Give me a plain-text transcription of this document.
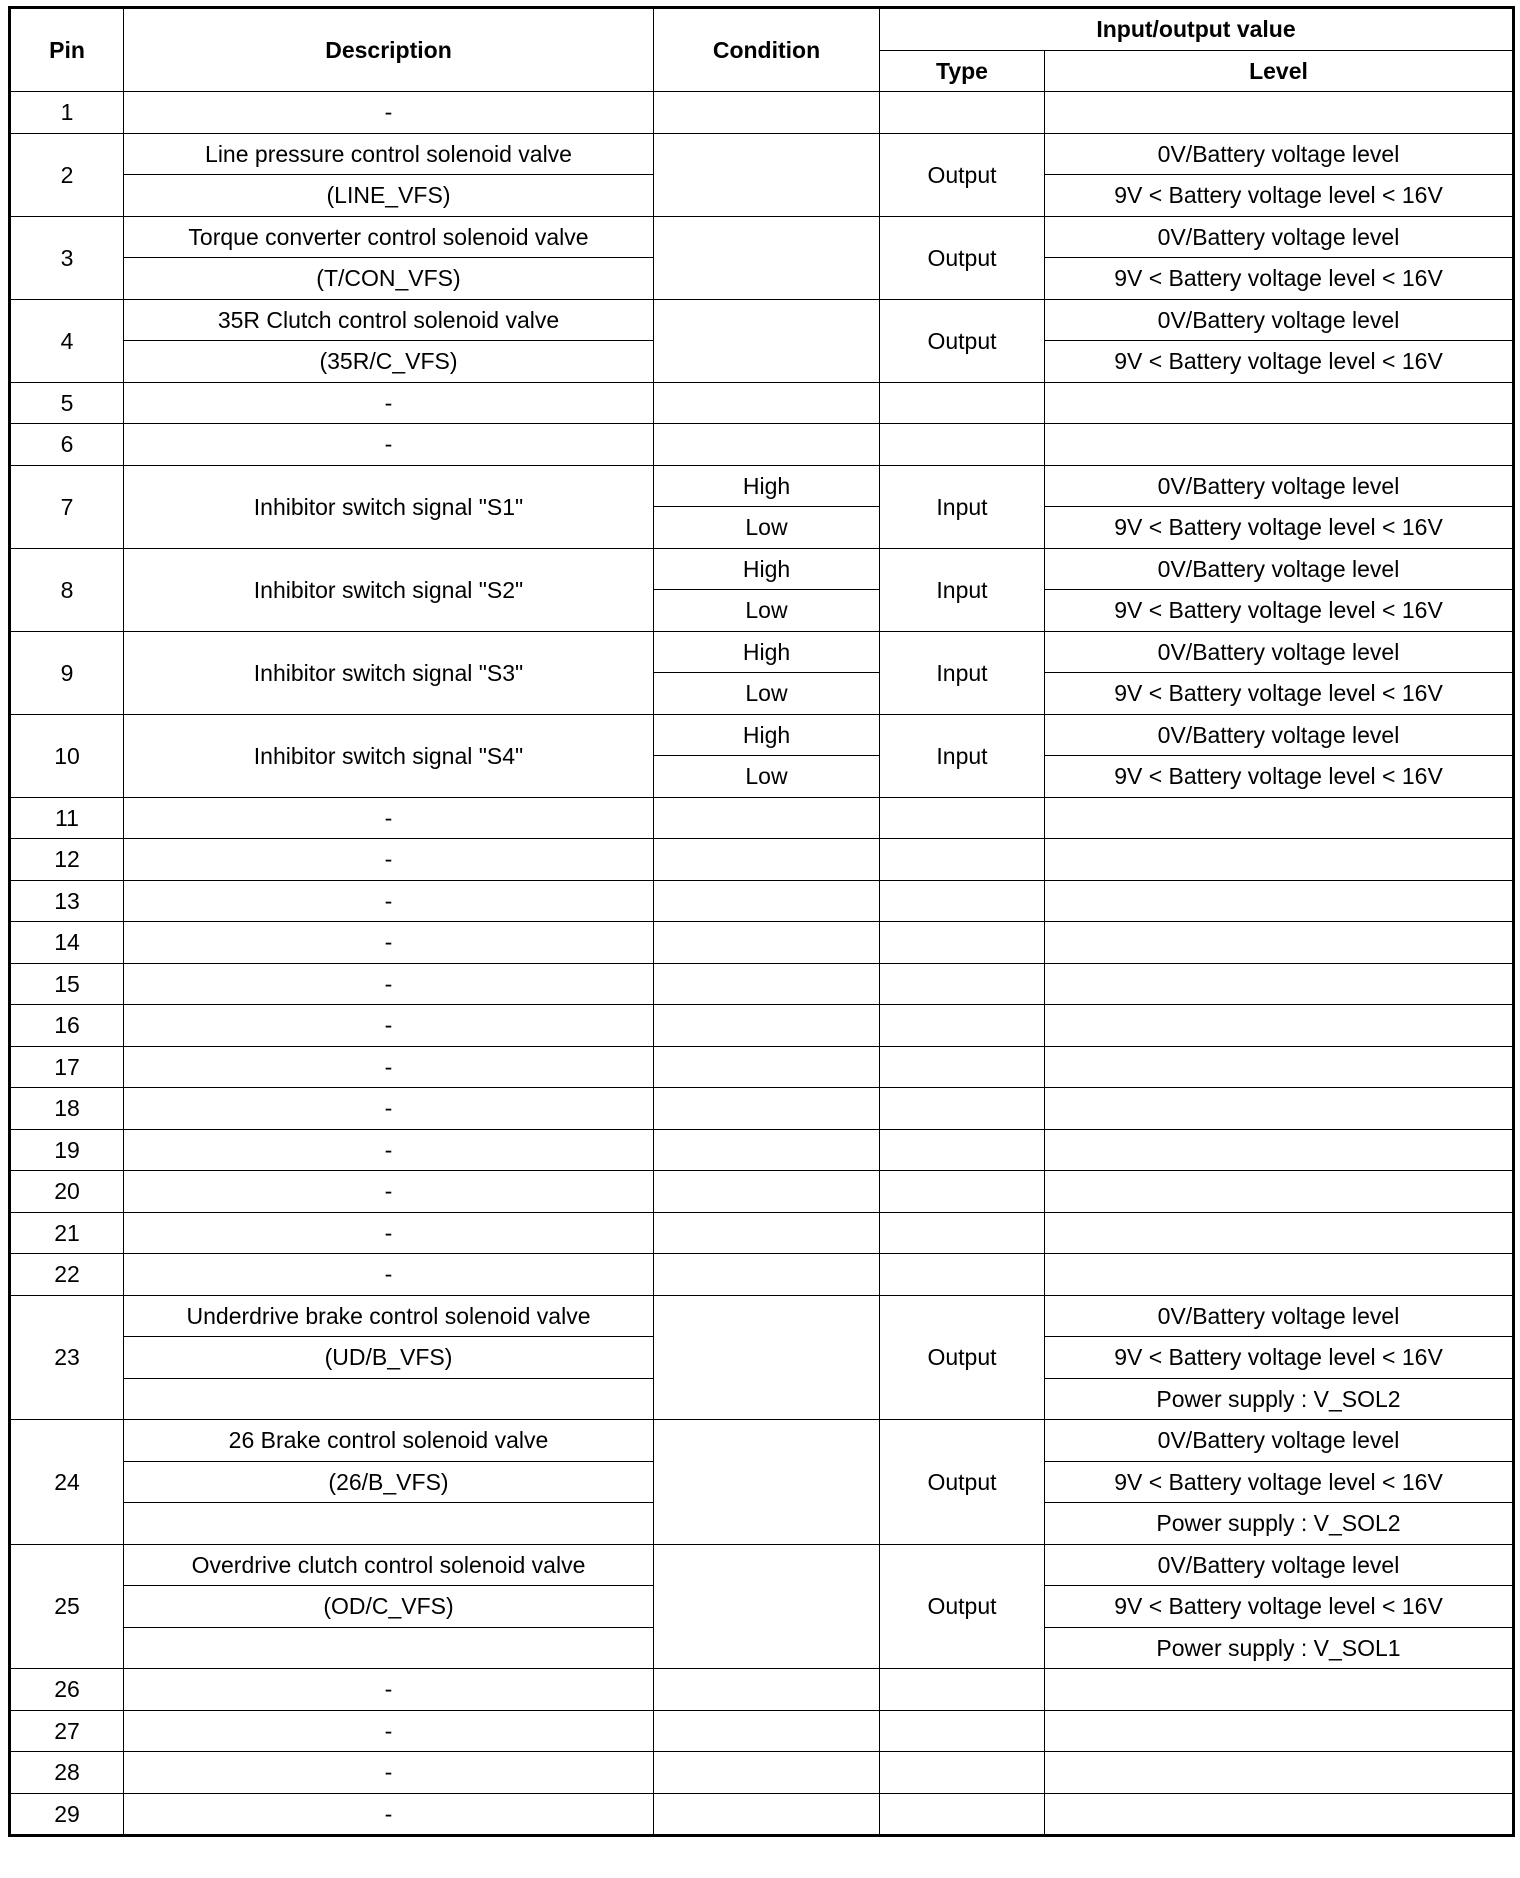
Pin	Description	Condition	Input/output value	
			Type	Level
1	-			
2	Line pressure control solenoid valve		Output	0V/Battery voltage level
	(LINE_VFS)			9V < Battery voltage level < 16V
3	Torque converter control solenoid valve		Output	0V/Battery voltage level
	(T/CON_VFS)			9V < Battery voltage level < 16V
4	35R Clutch control solenoid valve		Output	0V/Battery voltage level
	(35R/C_VFS)			9V < Battery voltage level < 16V
5	-			
6	-			
7	Inhibitor switch signal "S1"	High	Input	0V/Battery voltage level
		Low		9V < Battery voltage level < 16V
8	Inhibitor switch signal "S2"	High	Input	0V/Battery voltage level
		Low		9V < Battery voltage level < 16V
9	Inhibitor switch signal "S3"	High	Input	0V/Battery voltage level
		Low		9V < Battery voltage level < 16V
10	Inhibitor switch signal "S4"	High	Input	0V/Battery voltage level
		Low		9V < Battery voltage level < 16V
11	-			
12	-			
13	-			
14	-			
15	-			
16	-			
17	-			
18	-			
19	-			
20	-			
21	-			
22	-			
23	Underdrive brake control solenoid valve		Output	0V/Battery voltage level
	(UD/B_VFS)			9V < Battery voltage level < 16V
				Power supply : V_SOL2
24	26 Brake control solenoid valve		Output	0V/Battery voltage level
	(26/B_VFS)			9V < Battery voltage level < 16V
				Power supply : V_SOL2
25	Overdrive clutch control solenoid valve		Output	0V/Battery voltage level
	(OD/C_VFS)			9V < Battery voltage level < 16V
				Power supply : V_SOL1
26	-			
27	-			
28	-			
29	-			
